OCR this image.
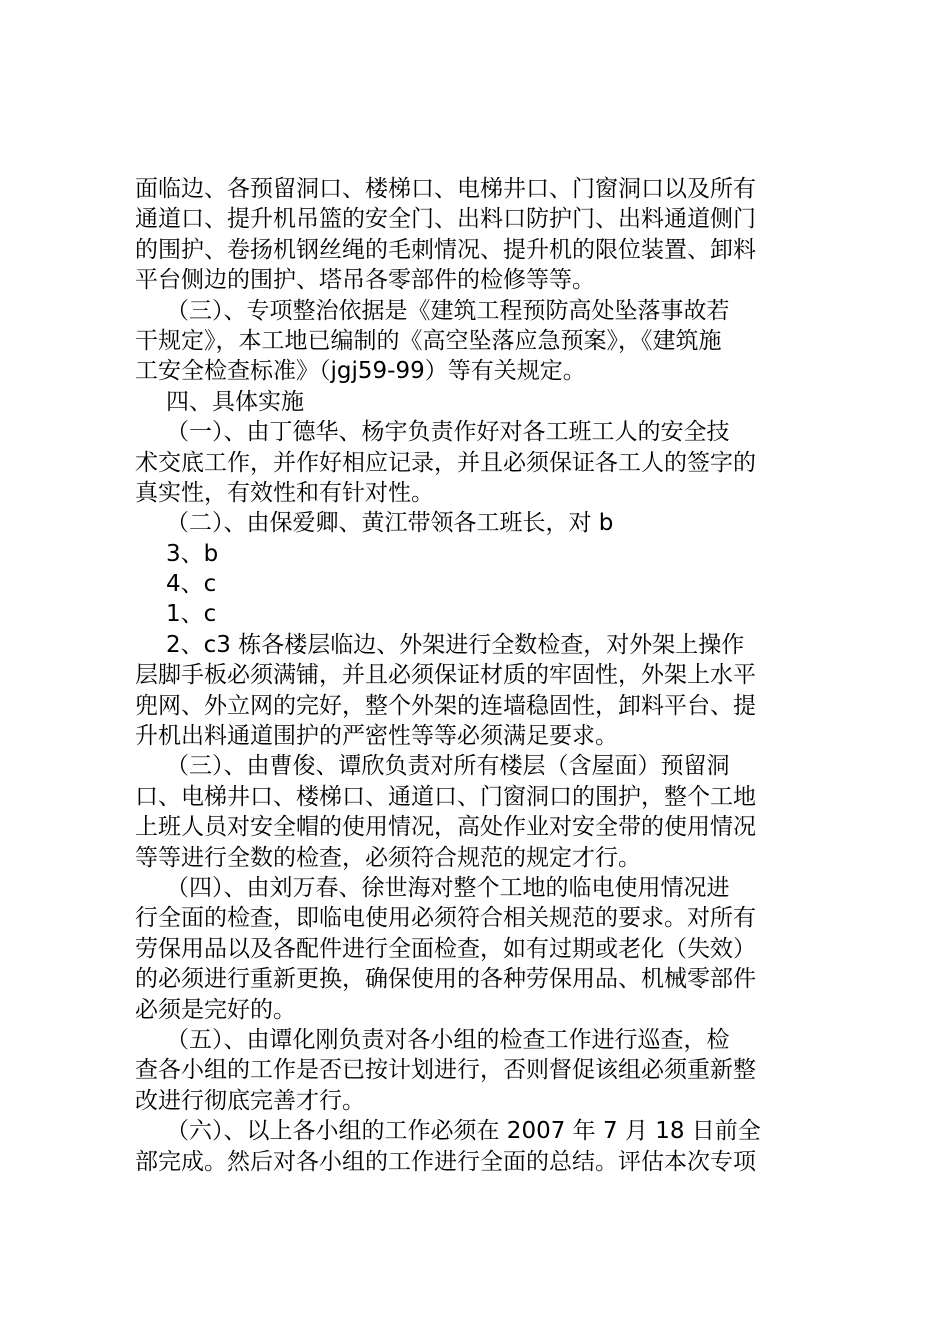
面临边、各预留洞口、楼梯口、电梯井口、门窗洞口以及所有
通道口、提升机吊篮的安全门、出料口防护门、出料通道侧门
的围护、卷扬机钢丝绳的毛刺情况、提升机的限位装置、卸料
平台侧边的围护、塔吊各零部件的检修等等。
（三）、专项整治依据是《建筑工程预防高处坠落事故若
干规定》，本工地已编制的《高空坠落应急预案》，《建筑施
工安全检查标准》（jgj59-99）等有关规定。
四、具体实施
（一）、由丁德华、杨宇负责作好对各工班工人的安全技
术交底工作，并作好相应记录，并且必须保证各工人的签字的
真实性，有效性和有针对性。
（二）、由保爱卿、黄江带领各工班长，对 b
3、b
4、c
1、c
2、c3 栋各楼层临边、外架进行全数检查，对外架上操作
层脚手板必须满铺，并且必须保证材质的牢固性，外架上水平
兜网、外立网的完好，整个外架的连墙稳固性，卸料平台、提
升机出料通道围护的严密性等等必须满足要求。
（三）、由曹俊、谭欣负责对所有楼层（含屋面）预留洞
口、电梯井口、楼梯口、通道口、门窗洞口的围护，整个工地
上班人员对安全帽的使用情况，高处作业对安全带的使用情况
等等进行全数的检查，必须符合规范的规定才行。
（四）、由刘万春、徐世海对整个工地的临电使用情况进
行全面的检查，即临电使用必须符合相关规范的要求。对所有
劳保用品以及各配件进行全面检查，如有过期或老化（失效）
的必须进行重新更换，确保使用的各种劳保用品、机械零部件
必须是完好的。
（五）、由谭化刚负责对各小组的检查工作进行巡查，检
查各小组的工作是否已按计划进行，否则督促该组必须重新整
改进行彻底完善才行。
（六）、以上各小组的工作必须在 2007 年 7 月 18 日前全
部完成。然后对各小组的工作进行全面的总结。评估本次专项
